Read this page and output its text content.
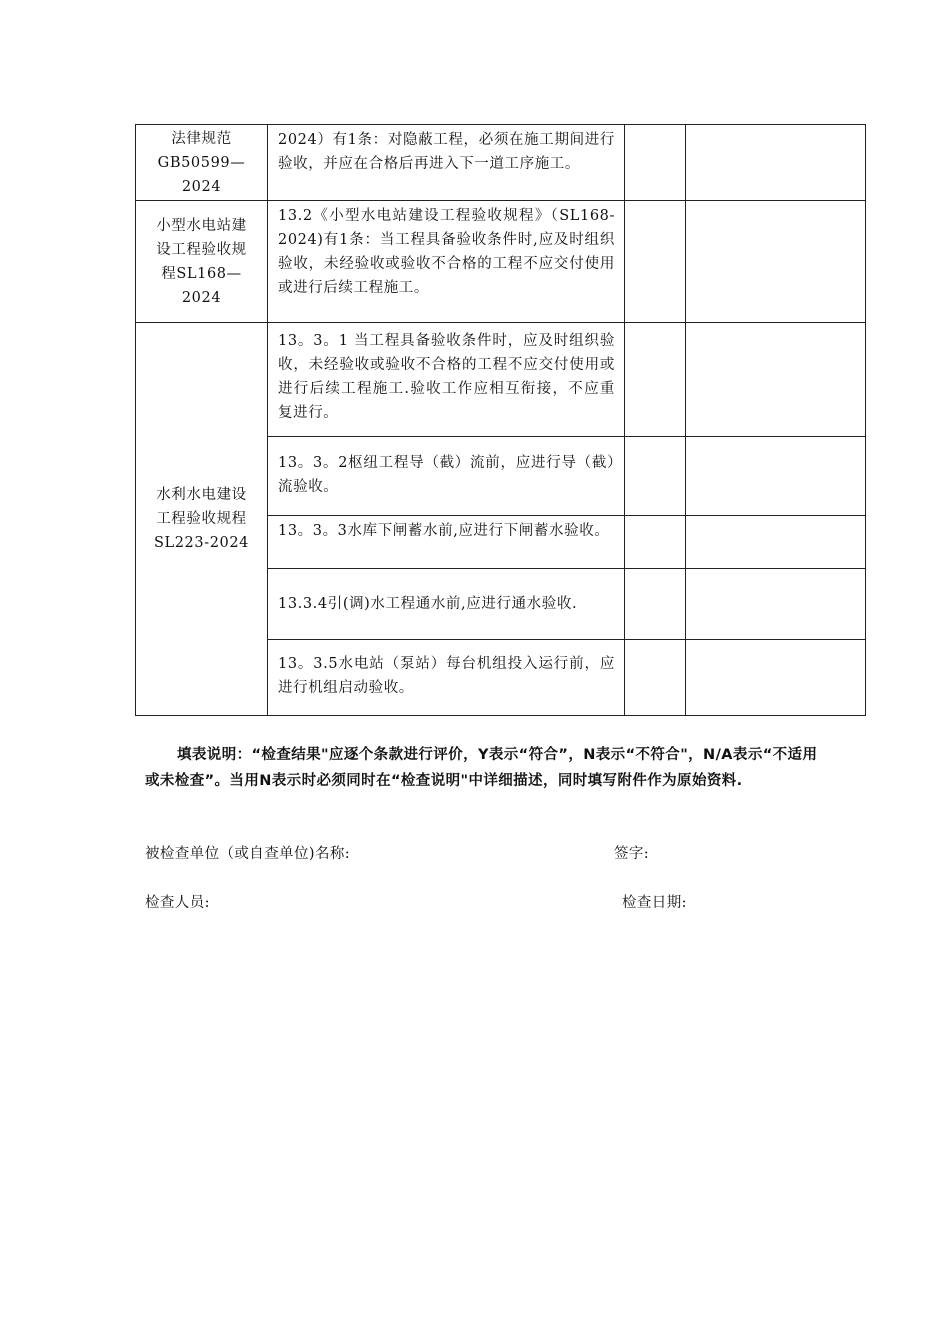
法律规范
GB50599—2024	2024）有1条：对隐蔽工程，必须在施工期间进行验收，并应在合格后再进入下一道工序施工。		

小型水电站建
设工程验收规
程SL168—2024	13.2《小型水电站建设工程验收规程》（SL168-2024)有1条：当工程具备验收条件时,应及时组织验收，未经验收或验收不合格的工程不应交付使用或进行后续工程施工。		

水利水电建设
工程验收规程
SL223-2024	13。3。1 当工程具备验收条件时，应及时组织验收，未经验收或验收不合格的工程不应交付使用或进行后续工程施工.验收工作应相互衔接，不应重复进行。		
	13。3。2枢纽工程导（截）流前，应进行导（截）流验收。		
	13。3。3水库下闸蓄水前,应进行下闸蓄水验收。		
	13.3.4引(调)水工程通水前,应进行通水验收.		
	13。3.5水电站（泵站）每台机组投入运行前，应进行机组启动验收。		
填表说明：“检查结果"应逐个条款进行评价，Y表示“符合”，N表示“不符合"，N/A表示“不适用或未检查”。当用N表示时必须同时在“检查说明"中详细描述，同时填写附件作为原始资料.
被检查单位（或自查单位)名称:	签字:
检查人员:	检查日期:
